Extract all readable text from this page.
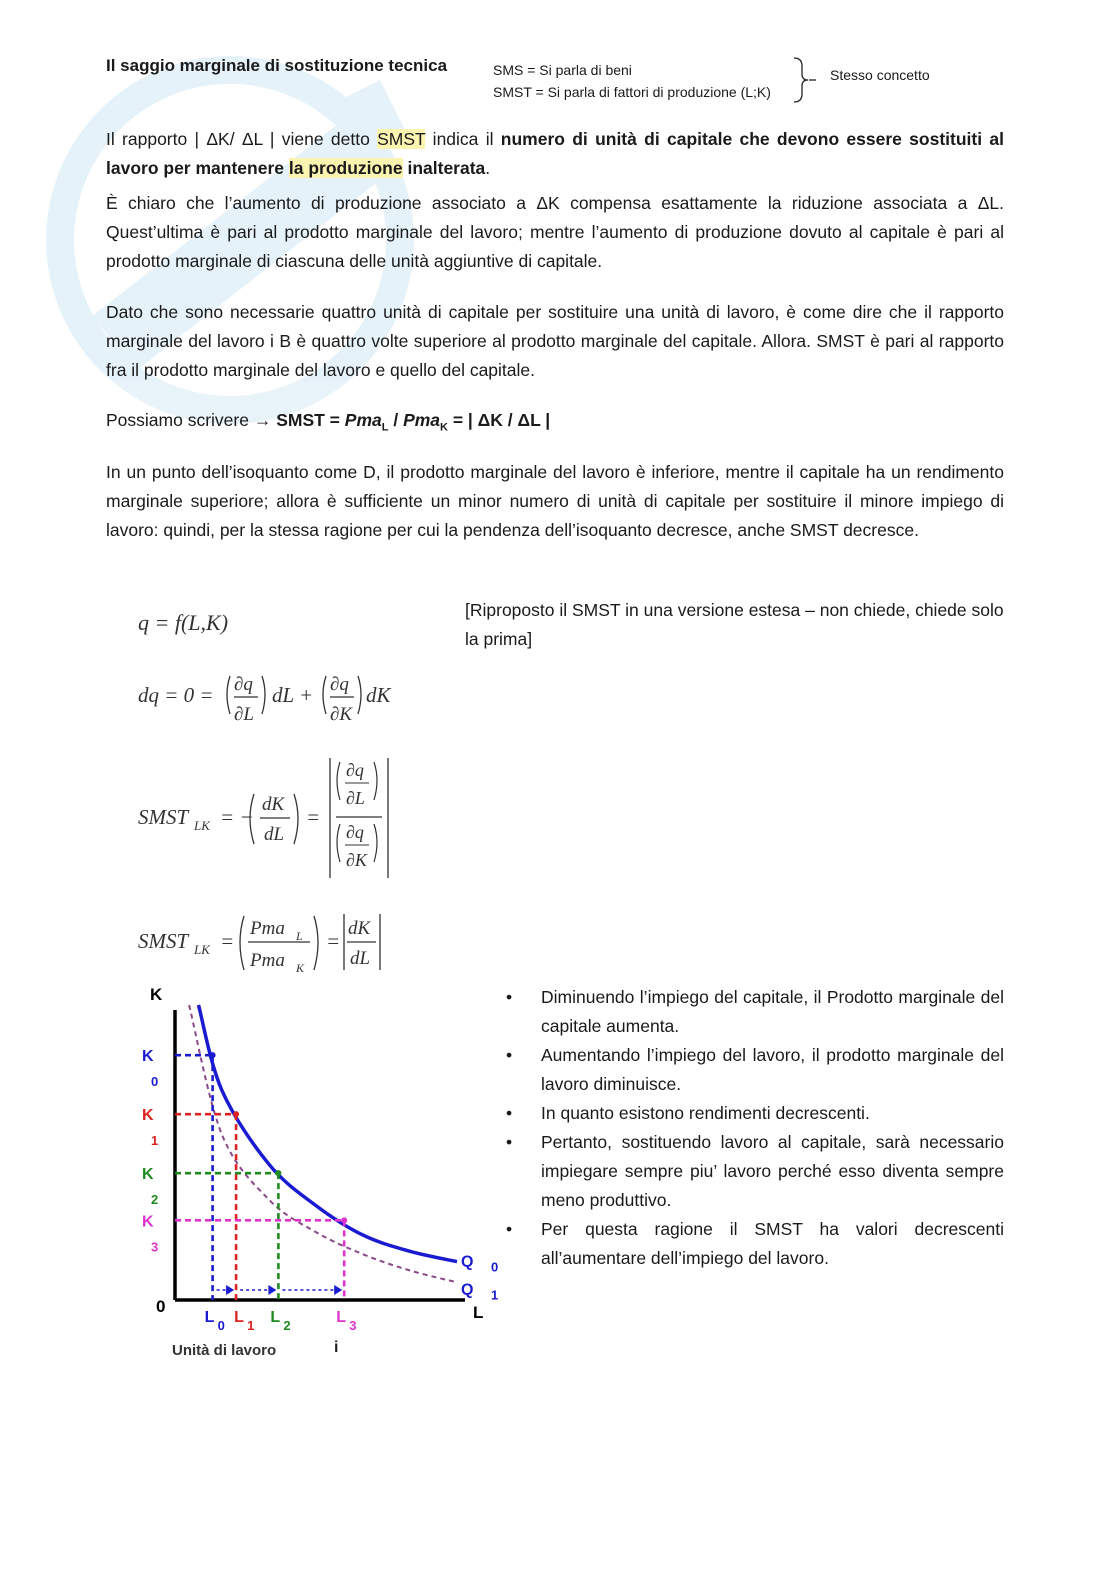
Il saggio marginale di sostituzione tecnica	SMS = Si parla di beni
SMST = Si parla di fattori di produzione (L;K)
Stesso concetto

Il rapporto | ΔK/ ΔL | viene detto SMST indica il numero di unità di capitale che devono essere sostituiti al lavoro per mantenere la produzione inalterata.

È chiaro che l’aumento di produzione associato a ΔK compensa esattamente la riduzione associata a ΔL. Quest’ultima è pari al prodotto marginale del lavoro; mentre l’aumento di produzione dovuto al capitale è pari al prodotto marginale di ciascuna delle unità aggiuntive di capitale.

Dato che sono necessarie quattro unità di capitale per sostituire una unità di lavoro, è come dire che il rapporto marginale del lavoro i B è quattro volte superiore al prodotto marginale del capitale. Allora. SMST è pari al rapporto fra il prodotto marginale del lavoro e quello del capitale.

Possiamo scrivere → SMST = Pma$_L$ / Pma$_K$ = | ΔK / ΔL |

In un punto dell’isoquanto come D, il prodotto marginale del lavoro è inferiore, mentre il capitale ha un rendimento marginale superiore; allora è sufficiente un minor numero di unità di capitale per sostituire il minore impiego di lavoro: quindi, per la stessa ragione per cui la pendenza dell’isoquanto decresce, anche SMST decresce.

[Riproposto il SMST in una versione estesa – non chiede, chiede solo la prima]
q = f(L,K)
dq = 0 = ∂q
∂L
dL + ∂q
∂K
dK
SMST LK = −
dK
dL
=
∂q
∂L
∂q
∂K
SMST LK =
Pma L
Pma K
=
dK
dL
K
L
0
Q 0
Q 1
K
0
L 0
K
1
L 1
K
2
L 2
K
3
L 3
Unità di lavoro	i
• Diminuendo l’impiego del capitale, il Prodotto marginale del capitale aumenta.
• Aumentando l’impiego del lavoro, il prodotto marginale del lavoro diminuisce.
• In quanto esistono rendimenti decrescenti.
• Pertanto, sostituendo lavoro al capitale, sarà necessario impiegare sempre piu’ lavoro perché esso diventa sempre meno produttivo.
• Per questa ragione il SMST ha valori decrescenti all’aumentare dell’impiego del lavoro.
